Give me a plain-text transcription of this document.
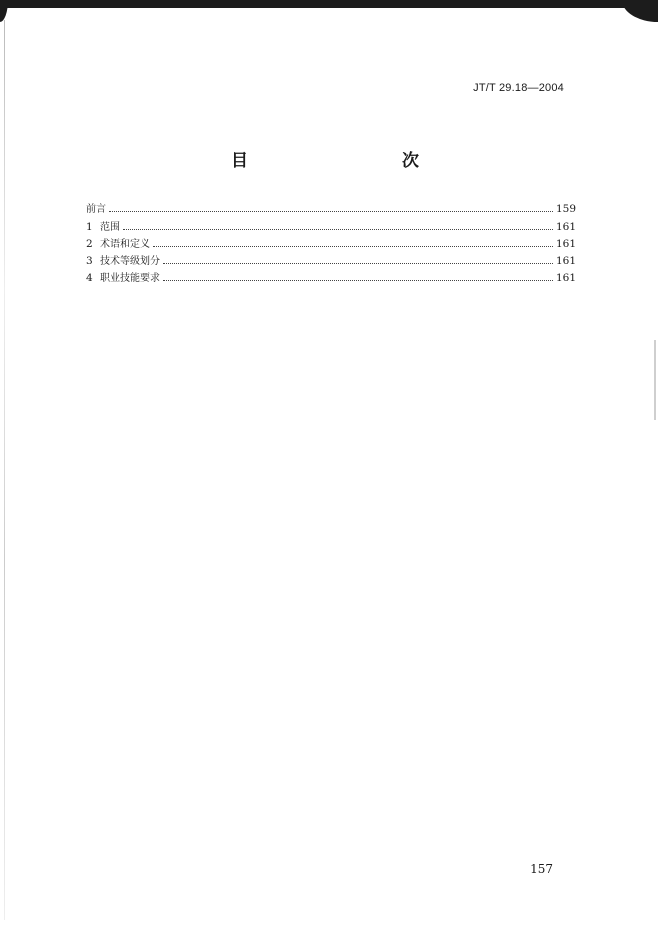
JT/T 29.18—2004
目　　次
前言	159
1 范围	161
2 术语和定义	161
3 技术等级划分	161
4 职业技能要求	161
157
